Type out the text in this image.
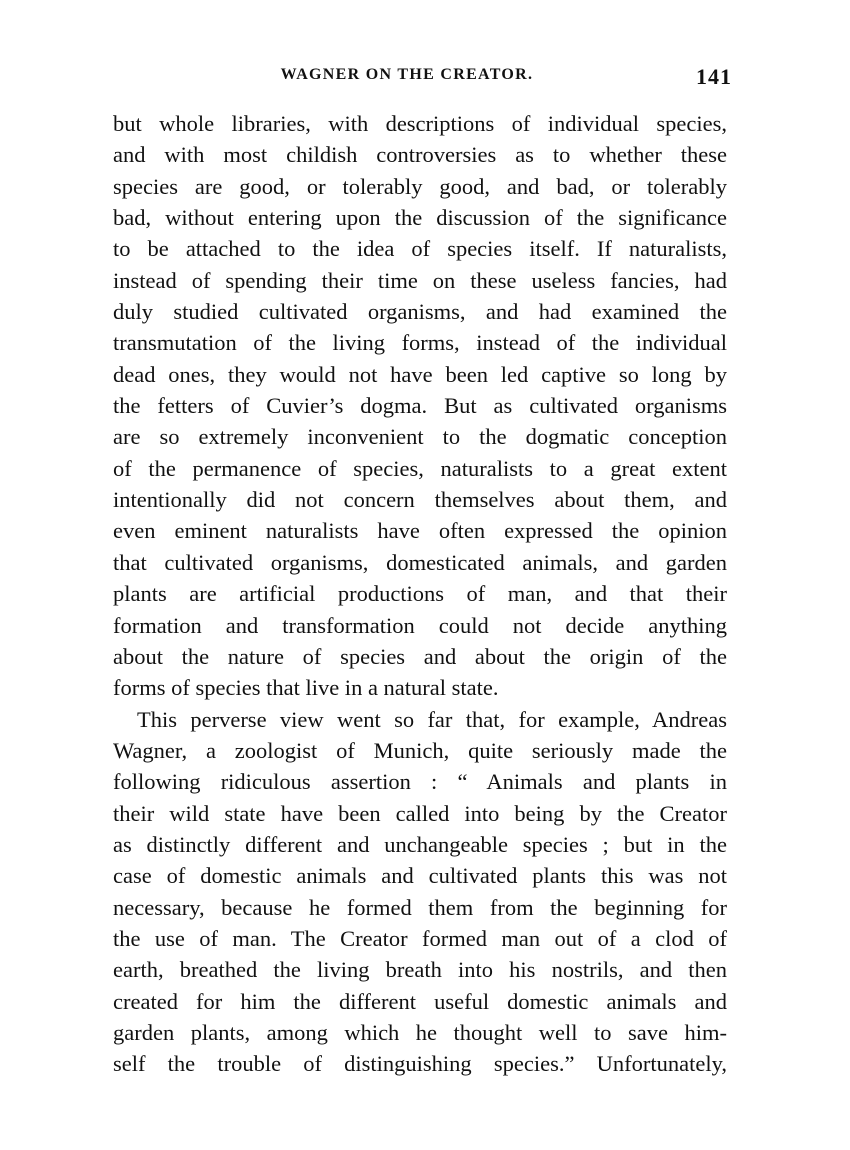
WAGNER ON THE CREATOR.	141
but whole libraries, with descriptions of individual species,
and with most childish controversies as to whether these
species are good, or tolerably good, and bad, or tolerably
bad, without entering upon the discussion of the significance
to be attached to the idea of species itself. If naturalists,
instead of spending their time on these useless fancies, had
duly studied cultivated organisms, and had examined the
transmutation of the living forms, instead of the individual
dead ones, they would not have been led captive so long by
the fetters of Cuvier’s dogma. But as cultivated organisms
are so extremely inconvenient to the dogmatic conception
of the permanence of species, naturalists to a great extent
intentionally did not concern themselves about them, and
even eminent naturalists have often expressed the opinion
that cultivated organisms, domesticated animals, and garden
plants are artificial productions of man, and that their
formation and transformation could not decide anything
about the nature of species and about the origin of the
forms of species that live in a natural state.
This perverse view went so far that, for example, Andreas
Wagner, a zoologist of Munich, quite seriously made the
following ridiculous assertion : “ Animals and plants in
their wild state have been called into being by the Creator
as distinctly different and unchangeable species ; but in the
case of domestic animals and cultivated plants this was not
necessary, because he formed them from the beginning for
the use of man. The Creator formed man out of a clod of
earth, breathed the living breath into his nostrils, and then
created for him the different useful domestic animals and
garden plants, among which he thought well to save him-
self the trouble of distinguishing species.” Unfortunately,
